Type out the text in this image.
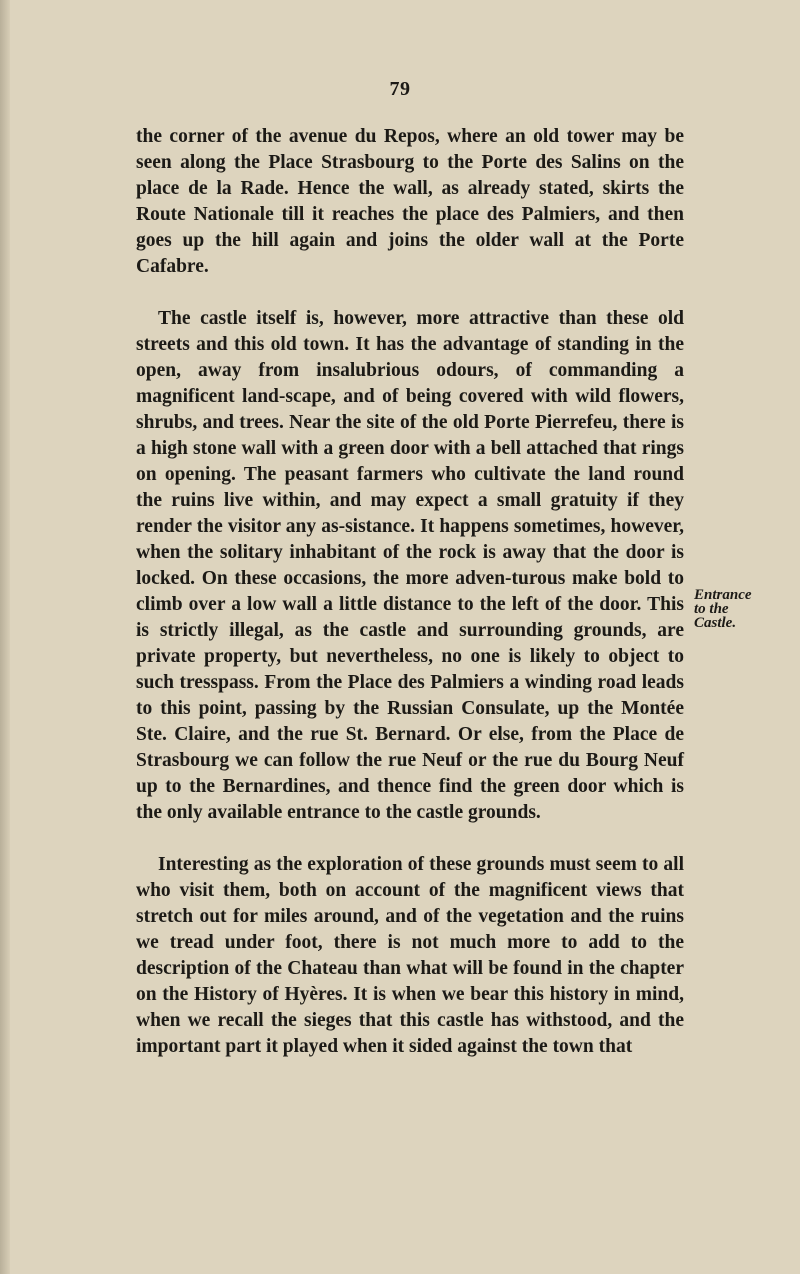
79

the corner of the avenue du Repos, where an old tower may be seen along the Place Strasbourg to the Porte des Salins on the place de la Rade. Hence the wall, as already stated, skirts the Route Nationale till it reaches the place des Palmiers, and then goes up the hill again and joins the older wall at the Porte Cafabre.

The castle itself is, however, more attractive than these old streets and this old town. It has the advantage of standing in the open, away from insalubrious odours, of commanding a magnificent land-scape, and of being covered with wild flowers, shrubs, and trees. Near the site of the old Porte Pierrefeu, there is a high stone wall with a green door with a bell attached that rings on opening. The peasant farmers who cultivate the land round the ruins live within, and may expect a small gratuity if they render the visitor any as-sistance. It happens sometimes, however, when the solitary inhabitant of the rock is away that the door is locked. On these occasions, the more adven-turous make bold to climb over a low wall a little distance to the left of the door. This is strictly illegal, as the castle and surrounding grounds, are private property, but nevertheless, no one is likely to object to such tresspass. From the Place des Palmiers a winding road leads to this point, passing by the Russian Consulate, up the Montée Ste. Claire, and the rue St. Bernard. Or else, from the Place de Strasbourg we can follow the rue Neuf or the rue du Bourg Neuf up to the Bernardines, and thence find the green door which is the only available entrance to the castle grounds.

Interesting as the exploration of these grounds must seem to all who visit them, both on account of the magnificent views that stretch out for miles around, and of the vegetation and the ruins we tread under foot, there is not much more to add to the description of the Chateau than what will be found in the chapter on the History of Hyères. It is when we bear this history in mind, when we recall the sieges that this castle has withstood, and the important part it played when it sided against the town that

Entrance
to the
Castle.
